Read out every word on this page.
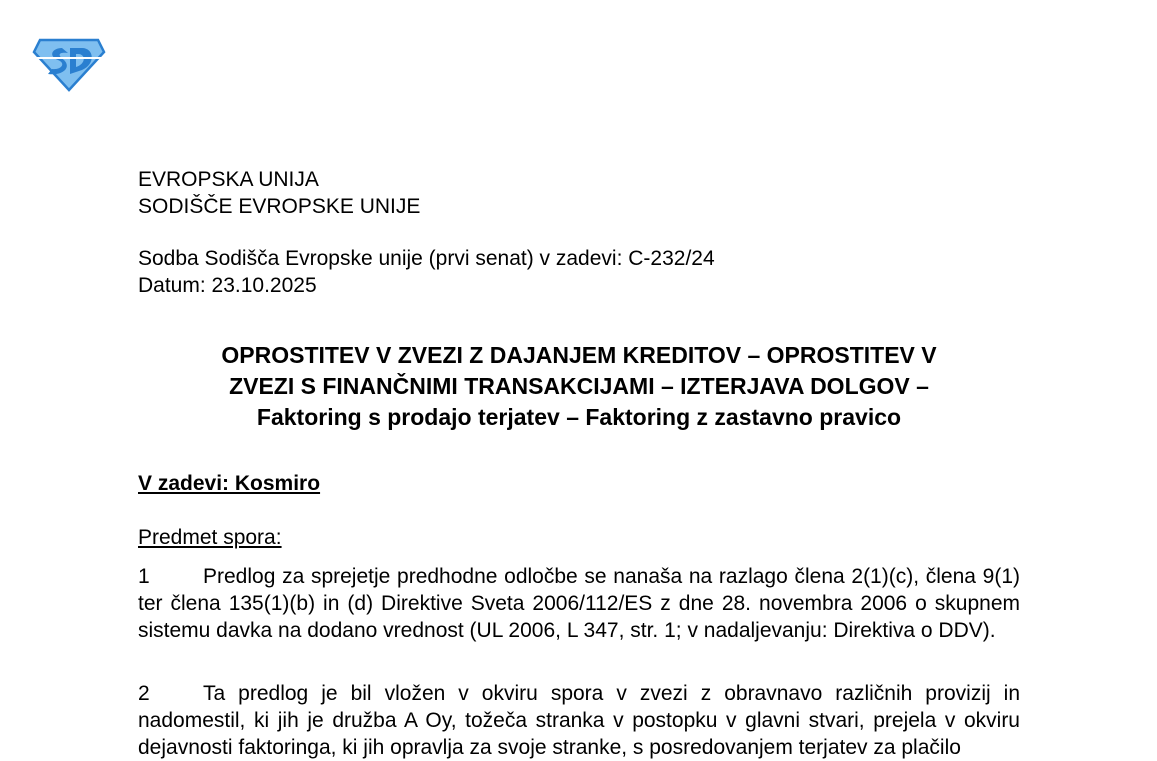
EVROPSKA UNIJA
SODIŠČE EVROPSKE UNIJE
Sodba Sodišča Evropske unije (prvi senat) v zadevi: C-232/24
Datum: 23.10.2025
OPROSTITEV V ZVEZI Z DAJANJEM KREDITOV – OPROSTITEV V
ZVEZI S FINANČNIMI TRANSAKCIJAMI – IZTERJAVA DOLGOV –
Faktoring s prodajo terjatev – Faktoring z zastavno pravico
V zadevi: Kosmiro
Predmet spora:
1	Predlog za sprejetje predhodne odločbe se nanaša na razlago člena 2(1)(c), člena 9(1) ter člena 135(1)(b) in (d) Direktive Sveta 2006/112/ES z dne 28. novembra 2006 o skupnem sistemu davka na dodano vrednost (UL 2006, L 347, str. 1; v nadaljevanju: Direktiva o DDV).
2	Ta predlog je bil vložen v okviru spora v zvezi z obravnavo različnih provizij in nadomestil, ki jih je družba A Oy, tožeča stranka v postopku v glavni stvari, prejela v okviru dejavnosti faktoringa, ki jih opravlja za svoje stranke, s posredovanjem terjatev za plačilo
